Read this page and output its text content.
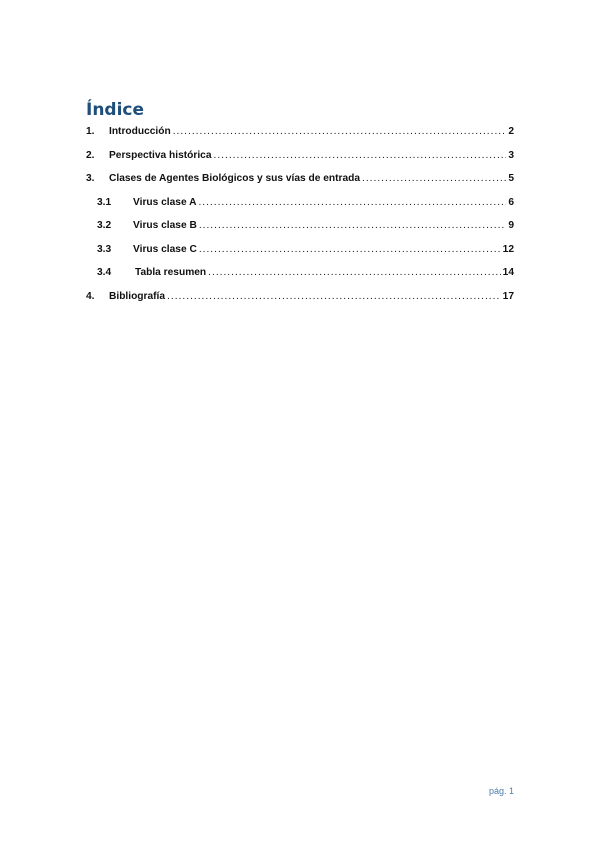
Índice
1.	Introducción .....	2
2.	Perspectiva histórica .....	3
3.	Clases de Agentes Biológicos y sus vías de entrada .....	5
3.1	Virus clase A .....	6
3.2	Virus clase B .....	9
3.3	Virus clase C .....	12
3.4	Tabla resumen .....	14
4.	Bibliografía .....	17
pág. 1
